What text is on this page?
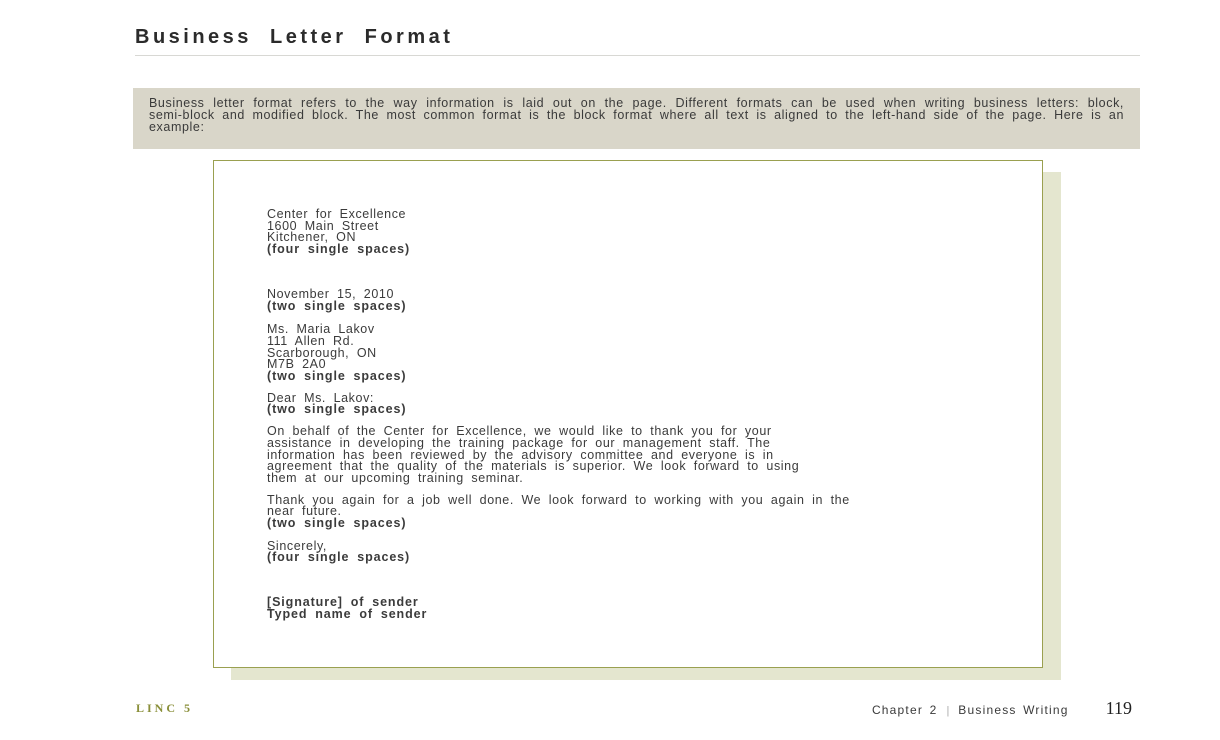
Business Letter Format
Business letter format refers to the way information is laid out on the page. Different formats can be used when writing business letters: block, semi-block and modified block. The most common format is the block format where all text is aligned to the left-hand side of the page. Here is an example:
Center for Excellence
1600 Main Street
Kitchener, ON
(four single spaces)
November 15, 2010
(two single spaces)
Ms. Maria Lakov
111 Allen Rd.
Scarborough, ON
M7B 2A0
(two single spaces)
Dear Ms. Lakov:
(two single spaces)
On behalf of the Center for Excellence, we would like to thank you for your
assistance in developing the training package for our management staff. The
information has been reviewed by the advisory committee and everyone is in
agreement that the quality of the materials is superior. We look forward to using
them at our upcoming training seminar.
Thank you again for a job well done. We look forward to working with you again in the
near future.
(two single spaces)
Sincerely,
(four single spaces)
[Signature] of sender
Typed name of sender
LINC 5	Chapter 2 | Business Writing 119
